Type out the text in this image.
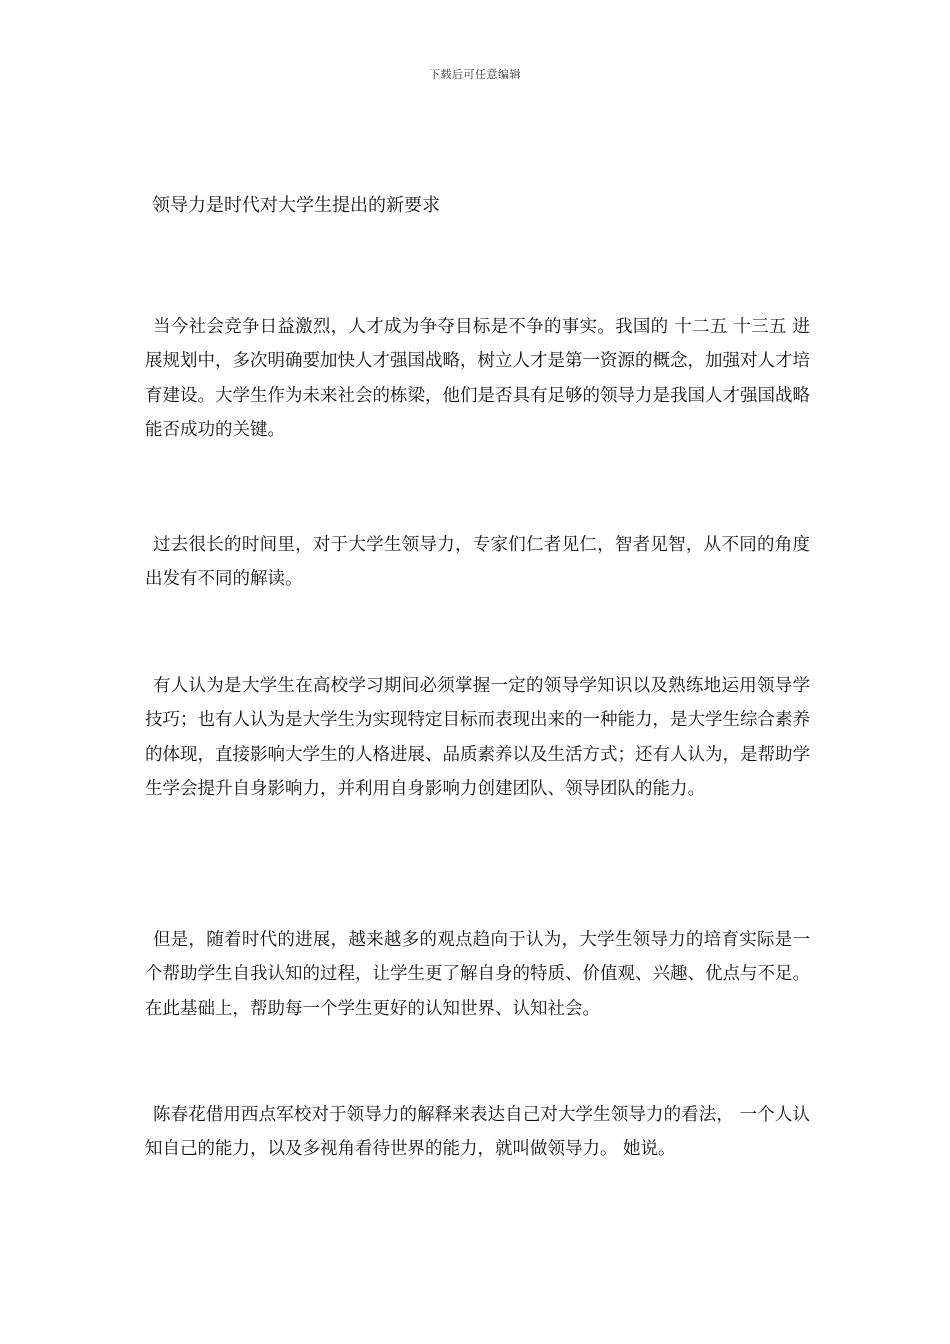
下载后可任意编辑
领导力是时代对大学生提出的新要求

当今社会竞争日益激烈，人才成为争夺目标是不争的事实。我国的 十二五 十三五 进展规划中，多次明确要加快人才强国战略，树立人才是第一资源的概念，加强对人才培育建设。大学生作为未来社会的栋梁，他们是否具有足够的领导力是我国人才强国战略能否成功的关键。

过去很长的时间里，对于大学生领导力，专家们仁者见仁，智者见智，从不同的角度出发有不同的解读。

有人认为是大学生在高校学习期间必须掌握一定的领导学知识以及熟练地运用领导学技巧；也有人认为是大学生为实现特定目标而表现出来的一种能力，是大学生综合素养的体现，直接影响大学生的人格进展、品质素养以及生活方式；还有人认为，是帮助学生学会提升自身影响力，并利用自身影响力创建团队、领导团队的能力。

但是，随着时代的进展，越来越多的观点趋向于认为，大学生领导力的培育实际是一个帮助学生自我认知的过程，让学生更了解自身的特质、价值观、兴趣、优点与不足。在此基础上，帮助每一个学生更好的认知世界、认知社会。

陈春花借用西点军校对于领导力的解释来表达自己对大学生领导力的看法， 一个人认知自己的能力，以及多视角看待世界的能力，就叫做领导力。 她说。
